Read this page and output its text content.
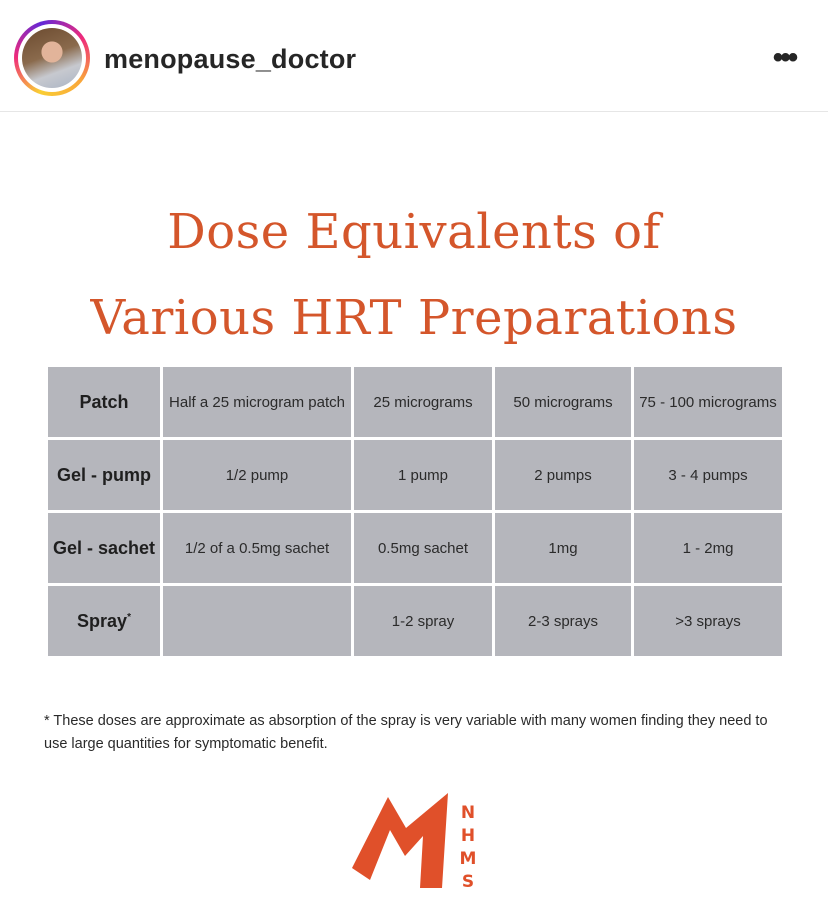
menopause_doctor	•••
Dose Equivalents of
Various HRT Preparations
Patch	Half a 25 microgram patch	25 micrograms	50 micrograms	75 - 100 micrograms
Gel - pump	1/2 pump	1 pump	2 pumps	3 - 4 pumps
Gel - sachet	1/2 of a 0.5mg sachet	0.5mg sachet	1mg	1 - 2mg
Spray*		1-2 spray	2-3 sprays	>3 sprays
* These doses are approximate as absorption of the spray is very variable with many women finding they need to use large quantities for symptomatic benefit.
N
H
M
S
